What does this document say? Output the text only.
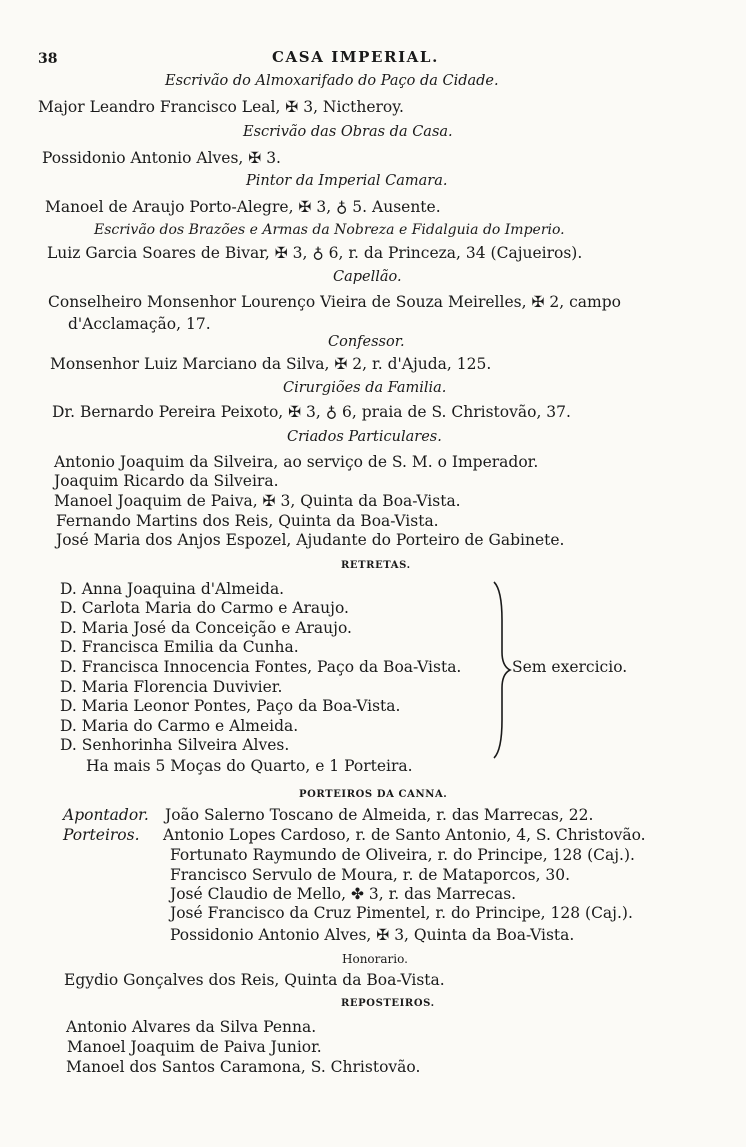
38	CASA IMPERIAL.
Escrivão do Almoxarifado do Paço da Cidade.
Major Leandro Francisco Leal, ✠ 3, Nictheroy.
Escrivão das Obras da Casa.
Possidonio Antonio Alves, ✠ 3.
Pintor da Imperial Camara.
Manoel de Araujo Porto-Alegre, ✠ 3, ♁ 5. Ausente.
Escrivão dos Brazões e Armas da Nobreza e Fidalguia do Imperio.
Luiz Garcia Soares de Bivar, ✠ 3, ♁ 6, r. da Princeza, 34 (Cajueiros).
Capellão.
Conselheiro Monsenhor Lourenço Vieira de Souza Meirelles, ✠ 2, campo
d'Acclamação, 17.
Confessor.
Monsenhor Luiz Marciano da Silva, ✠ 2, r. d'Ajuda, 125.
Cirurgiões da Familia.
Dr. Bernardo Pereira Peixoto, ✠ 3, ♁ 6, praia de S. Christovão, 37.
Criados Particulares.
Antonio Joaquim da Silveira, ao serviço de S. M. o Imperador.
Joaquim Ricardo da Silveira.
Manoel Joaquim de Paiva, ✠ 3, Quinta da Boa-Vista.
Fernando Martins dos Reis, Quinta da Boa-Vista.
José Maria dos Anjos Espozel, Ajudante do Porteiro de Gabinete.
RETRETAS.
D. Anna Joaquina d'Almeida.
D. Carlota Maria do Carmo e Araujo.
D. Maria José da Conceição e Araujo.
D. Francisca Emilia da Cunha.
D. Francisca Innocencia Fontes, Paço da Boa-Vista.
D. Maria Florencia Duvivier.
D. Maria Leonor Pontes, Paço da Boa-Vista.
D. Maria do Carmo e Almeida.
D. Senhorinha Silveira Alves.
Sem exercicio.
Ha mais 5 Moças do Quarto, e 1 Porteira.
PORTEIROS DA CANNA.
Apontador. João Salerno Toscano de Almeida, r. das Marrecas, 22.
Porteiros. Antonio Lopes Cardoso, r. de Santo Antonio, 4, S. Christovão.
Fortunato Raymundo de Oliveira, r. do Principe, 128 (Caj.).
Francisco Servulo de Moura, r. de Mataporcos, 30.
José Claudio de Mello, ✤ 3, r. das Marrecas.
José Francisco da Cruz Pimentel, r. do Principe, 128 (Caj.).
Possidonio Antonio Alves, ✠ 3, Quinta da Boa-Vista.
Honorario.
Egydio Gonçalves dos Reis, Quinta da Boa-Vista.
REPOSTEIROS.
Antonio Alvares da Silva Penna.
Manoel Joaquim de Paiva Junior.
Manoel dos Santos Caramona, S. Christovão.
